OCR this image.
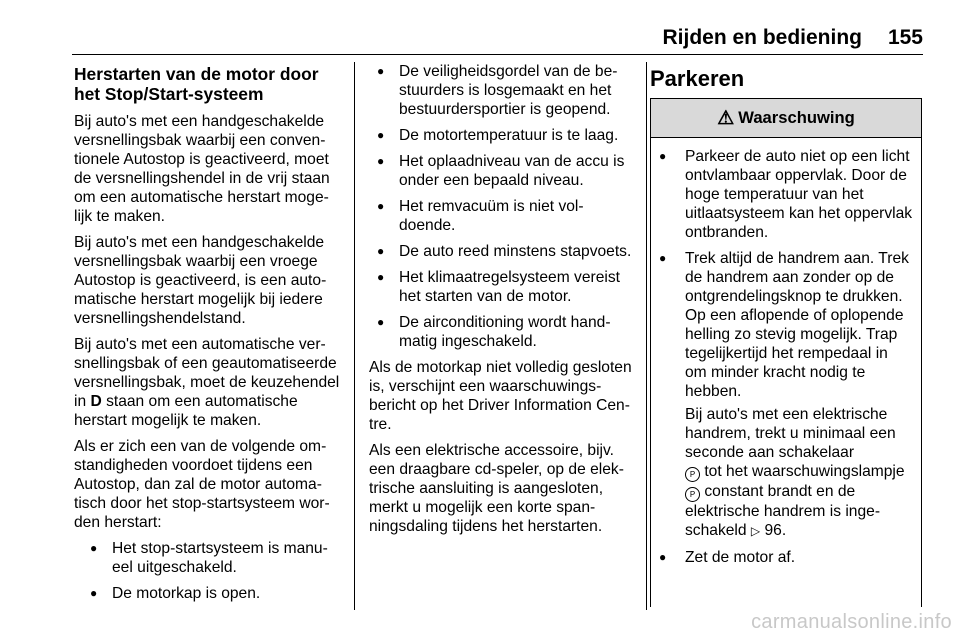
Rijden en bediening 155
Herstarten van de motor door het Stop/Start-systeem

Bij auto's met een handgeschakelde versnellingsbak waarbij een conventionele Autostop is geactiveerd, moet de versnellingshendel in de vrij staan om een automatische herstart mogelijk te maken.

Bij auto's met een handgeschakelde versnellingsbak waarbij een vroege Autostop is geactiveerd, is een automatische herstart mogelijk bij iedere versnellingshendelstand.

Bij auto's met een automatische versnellingsbak of een geautomatiseerde versnellingsbak, moet de keuzehendel in D staan om een automatische herstart mogelijk te maken.

Als er zich een van de volgende omstandigheden voordoet tijdens een Autostop, dan zal de motor automatisch door het stop-startsysteem worden herstart:

● Het stop-startsysteem is manueel uitgeschakeld.
● De motorkap is open.
● De veiligheidsgordel van de bestuurders is losgemaakt en het bestuurdersportier is geopend.
● De motortemperatuur is te laag.
● Het oplaadniveau van de accu is onder een bepaald niveau.
● Het remvacuüm is niet voldoende.
● De auto reed minstens stapvoets.
● Het klimaatregelsysteem vereist het starten van de motor.
● De airconditioning wordt handmatig ingeschakeld.

Als de motorkap niet volledig gesloten is, verschijnt een waarschuwingsbericht op het Driver Information Centre.

Als een elektrische accessoire, bijv. een draagbare cd-speler, op de elektrische aansluiting is aangesloten, merkt u mogelijk een korte spanningsdaling tijdens het herstarten.

Parkeren
⚠ Waarschuwing
● Parkeer de auto niet op een licht ontvlambaar oppervlak. Door de hoge temperatuur van het uitlaatsysteem kan het oppervlak ontbranden.
● Trek altijd de handrem aan. Trek de handrem aan zonder op de ontgrendelingsknop te drukken. Op een aflopende of oplopende helling zo stevig mogelijk. Trap tegelijkertijd het rempedaal in om minder kracht nodig te hebben.
Bij auto's met een elektrische handrem, trekt u minimaal een seconde aan schakelaar
P tot het waarschuwingslampje P constant brandt en de elektrische handrem is ingeschakeld ▷ 96.
● Zet de motor af.
carmanualsonline.info
